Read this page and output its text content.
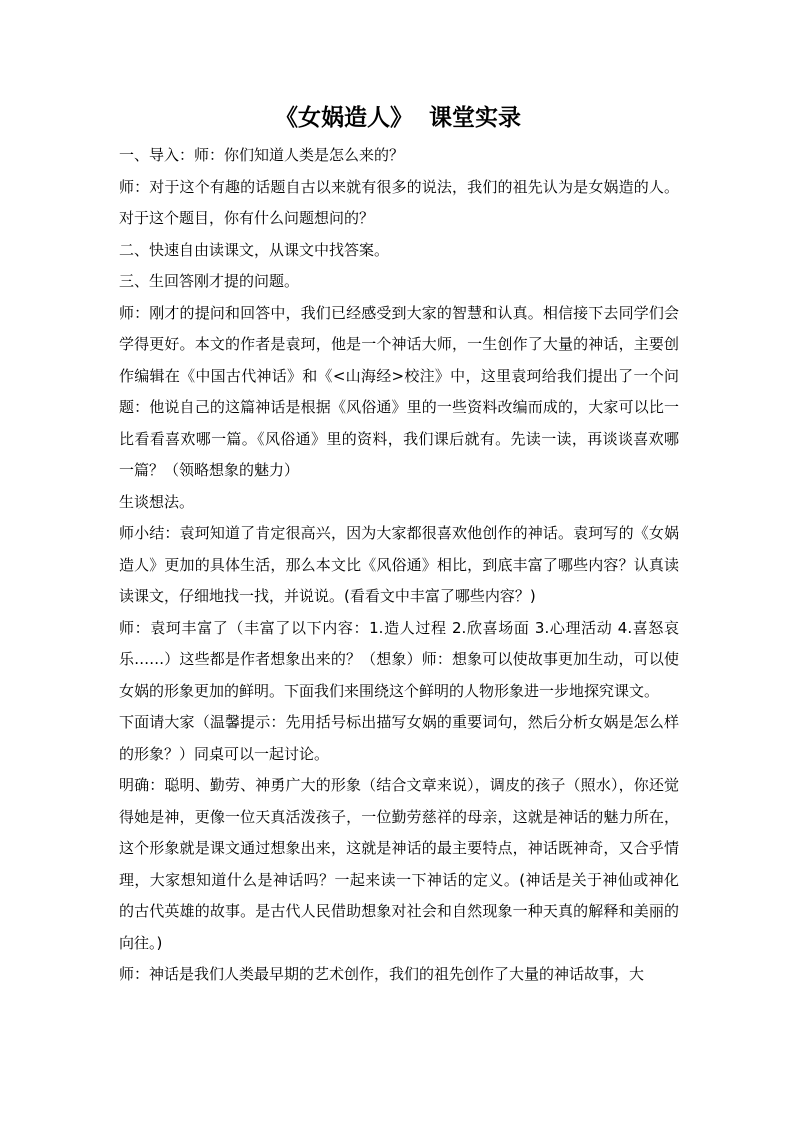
《女娲造人》  课堂实录

一、导入：师：你们知道人类是怎么来的？

师：对于这个有趣的话题自古以来就有很多的说法，我们的祖先认为是女娲造的人。对于这个题目，你有什么问题想问的？

二、快速自由读课文，从课文中找答案。

三、生回答刚才提的问题。

师：刚才的提问和回答中，我们已经感受到大家的智慧和认真。相信接下去同学们会学得更好。本文的作者是袁珂，他是一个神话大师，一生创作了大量的神话，主要创作编辑在《中国古代神话》和《<山海经>校注》中，这里袁珂给我们提出了一个问题：他说自己的这篇神话是根据《风俗通》里的一些资料改编而成的，大家可以比一比看看喜欢哪一篇。《风俗通》里的资料，我们课后就有。先读一读，再谈谈喜欢哪一篇？（领略想象的魅力）

生谈想法。

师小结：袁珂知道了肯定很高兴，因为大家都很喜欢他创作的神话。袁珂写的《女娲造人》更加的具体生活，那么本文比《风俗通》相比，到底丰富了哪些内容？认真读读课文，仔细地找一找，并说说。(看看文中丰富了哪些内容？)

师：袁珂丰富了（丰富了以下内容：1.造人过程 2.欣喜场面 3.心理活动 4.喜怒哀乐……）这些都是作者想象出来的？（想象）师：想象可以使故事更加生动，可以使女娲的形象更加的鲜明。下面我们来围绕这个鲜明的人物形象进一步地探究课文。

下面请大家（温馨提示：先用括号标出描写女娲的重要词句，然后分析女娲是怎么样的形象？）同桌可以一起讨论。

明确：聪明、勤劳、神勇广大的形象（结合文章来说），调皮的孩子（照水），你还觉得她是神，更像一位天真活泼孩子，一位勤劳慈祥的母亲，这就是神话的魅力所在，这个形象就是课文通过想象出来，这就是神话的最主要特点，神话既神奇，又合乎情理，大家想知道什么是神话吗？一起来读一下神话的定义。(神话是关于神仙或神化的古代英雄的故事。是古代人民借助想象对社会和自然现象一种天真的解释和美丽的向往。)

师：神话是我们人类最早期的艺术创作，我们的祖先创作了大量的神话故事，大
